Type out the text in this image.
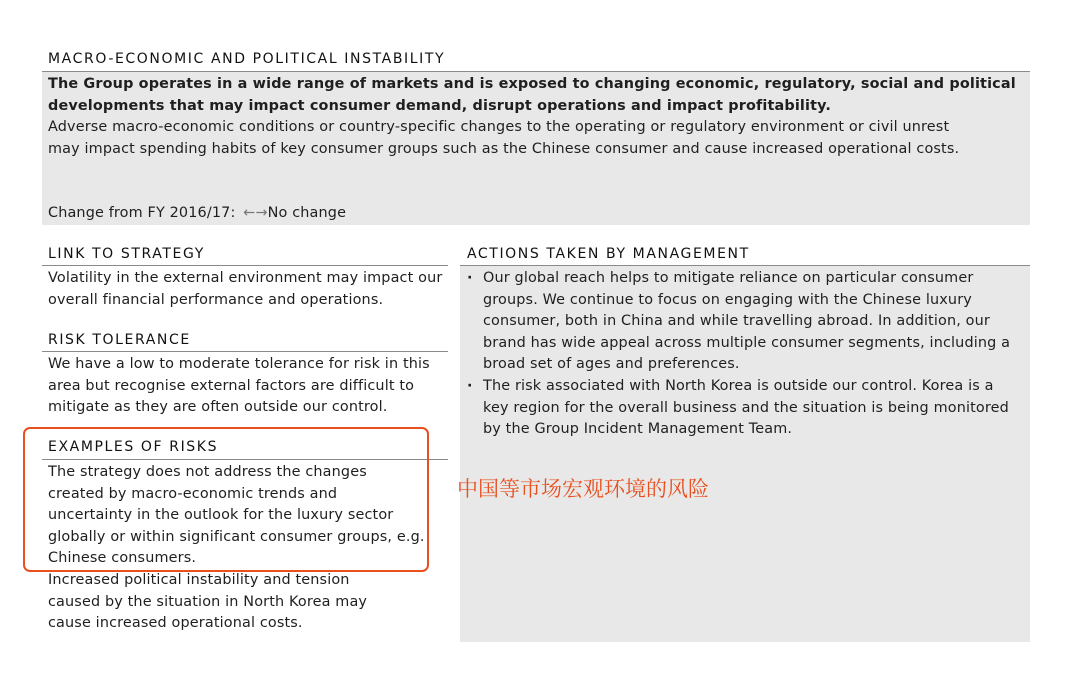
MACRO-ECONOMIC AND POLITICAL INSTABILITY
The Group operates in a wide range of markets and is exposed to changing economic, regulatory, social and political developments that may impact consumer demand, disrupt operations and impact profitability.
Adverse macro-economic conditions or country-specific changes to the operating or regulatory environment or civil unrest may impact spending habits of key consumer groups such as the Chinese consumer and cause increased operational costs.
Change from FY 2016/17: ←→No change
LINK TO STRATEGY
Volatility in the external environment may impact our overall financial performance and operations.
RISK TOLERANCE
We have a low to moderate tolerance for risk in this area but recognise external factors are difficult to mitigate as they are often outside our control.
EXAMPLES OF RISKS
The strategy does not address the changes created by macro-economic trends and uncertainty in the outlook for the luxury sector globally or within significant consumer groups, e.g. Chinese consumers.
Increased political instability and tension caused by the situation in North Korea may cause increased operational costs.
ACTIONS TAKEN BY MANAGEMENT
· Our global reach helps to mitigate reliance on particular consumer groups. We continue to focus on engaging with the Chinese luxury consumer, both in China and while travelling abroad. In addition, our brand has wide appeal across multiple consumer segments, including a broad set of ages and preferences.
· The risk associated with North Korea is outside our control. Korea is a key region for the overall business and the situation is being monitored by the Group Incident Management Team.
中国等市场宏观环境的风险
